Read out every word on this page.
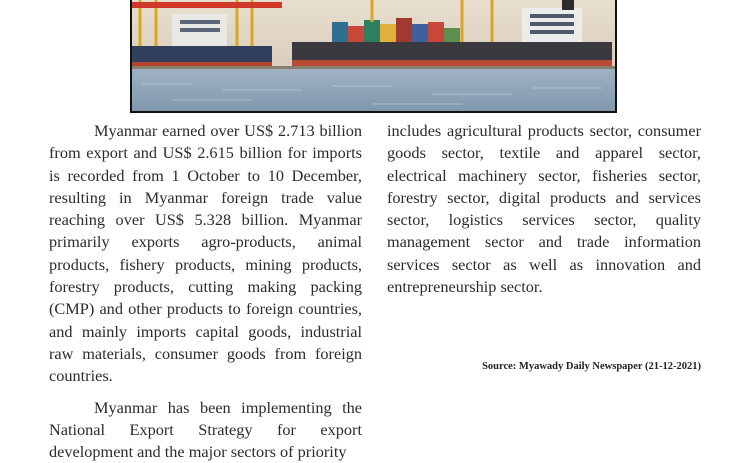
Myanmar earned over US$ 2.713 billion from export and US$ 2.615 billion for imports is recorded from 1 October to 10 December, resulting in Myanmar foreign trade value reaching over US$ 5.328 billion. Myanmar primarily exports agro-products, animal products, fishery products, mining products, forestry products, cutting making packing (CMP) and other products to foreign countries, and mainly imports capital goods, industrial raw materials, consumer goods from foreign countries.

Myanmar has been implementing the National Export Strategy for export development and the major sectors of priority

includes agricultural products sector, consumer goods sector, textile and apparel sector, electrical machinery sector, fisheries sector, forestry sector, digital products and services sector, logistics services sector, quality management sector and trade information services sector as well as innovation and entrepreneurship sector.

Source: Myawady Daily Newspaper (21-12-2021)
